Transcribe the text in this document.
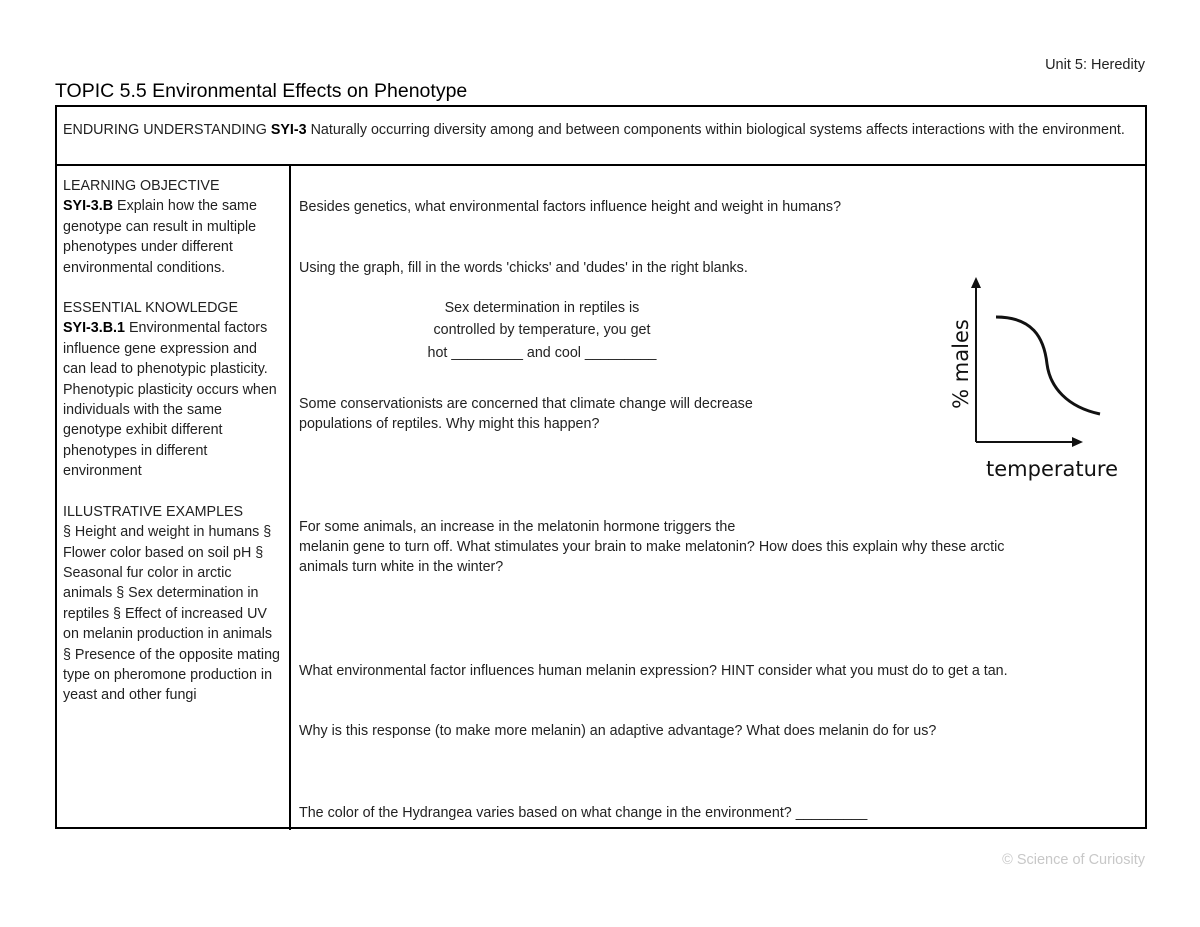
Unit 5: Heredity
TOPIC 5.5 Environmental Effects on Phenotype
ENDURING UNDERSTANDING SYI-3 Naturally occurring diversity among and between components within biological systems affects interactions with the environment.

LEARNING OBJECTIVE
SYI-3.B Explain how the same genotype can result in multiple phenotypes under different environmental conditions.

ESSENTIAL KNOWLEDGE
SYI-3.B.1 Environmental factors influence gene expression and can lead to phenotypic plasticity. Phenotypic plasticity occurs when individuals with the same genotype exhibit different phenotypes in different environment

ILLUSTRATIVE EXAMPLES
§ Height and weight in humans § Flower color based on soil pH § Seasonal fur color in arctic animals § Sex determination in reptiles § Effect of increased UV on melanin production in animals § Presence of the opposite mating type on pheromone production in yeast and other fungi

Besides genetics, what environmental factors influence height and weight in humans?
Using the graph, fill in the words 'chicks' and 'dudes' in the right blanks.
Sex determination in reptiles is
controlled by temperature, you get
hot _________ and cool _________
Some conservationists are concerned that climate change will decrease
populations of reptiles. Why might this happen?
For some animals, an increase in the melatonin hormone triggers the
melanin gene to turn off. What stimulates your brain to make melatonin? How does this explain why these arctic
animals turn white in the winter?
What environmental factor influences human melanin expression? HINT consider what you must do to get a tan.
Why is this response (to make more melanin) an adaptive advantage? What does melanin do for us?
The color of the Hydrangea varies based on what change in the environment? _________
% males
temperature
© Science of Curiosity
